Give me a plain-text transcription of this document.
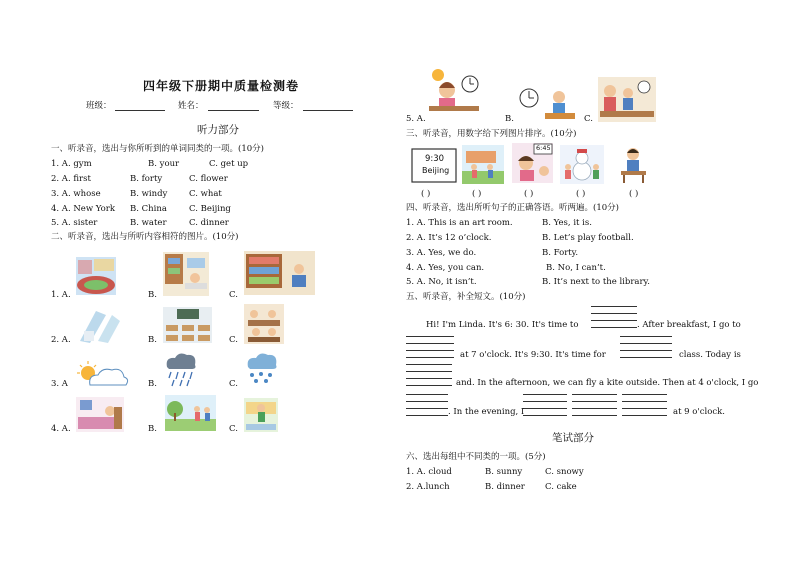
四年级下册期中质量检测卷
班级：	姓名：	等级：
听力部分
一、听录音，选出与你所听到的单词同类的一项。(10分)
1. A. gym	B. your	C. get up
2. A. first	B. forty	C. flower
3. A. whose	B. windy	C. what
4. A. New York B. China	C. Beijing
5. A. sister	B. water	C. dinner
二、听录音，选出与所听内容相符的图片。(10分)
1. A.	B.	C.
2. A.	B.	C.
3. A	B.	C.
4. A.	B.	C.
5. A.	B.	C.
三、听录音，用数字给下列图片排序。(10分)
9:30
Beijing
6:45
( )	( )	( )	( )	( )
四、听录音，选出所听句子的正确答语。听两遍。(10分)
1. A. This is an art room.	B. Yes, it is.
2. A. It’s 12 o’clock.	B. Let’s play football.
3. A. Yes, we do.	B. Forty.
4. A. Yes, you can.	B. No, I can’t.
5. A. No, it isn’t.	B. It’s next to the library.
五、听录音，补全短文。(10分)
Hi! I'm Linda. It's 6: 30. It's time to	. After breakfast, I go to
at 7 o'clock. It's 9:30. It's time for	class. Today is
and. In the afternoon, we can fly a kite outside. Then at 4 o'clock, I go
. In the evening, I	at 9 o'clock.
笔试部分
六、选出每组中不同类的一项。(5分)
1. A. cloud	B. sunny	C. snowy
2. A.lunch	B. dinner C. cake
